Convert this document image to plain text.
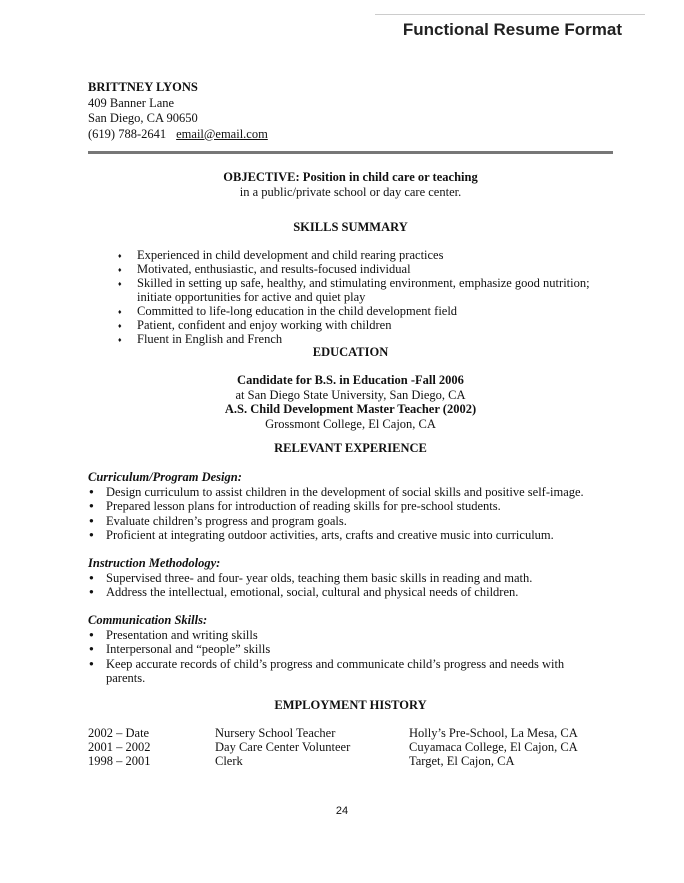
Functional Resume Format
BRITTNEY LYONS
409 Banner Lane
San Diego, CA 90650
(619) 788-2641 email@email.com
OBJECTIVE: Position in child care or teaching
in a public/private school or day care center.
SKILLS SUMMARY
♦ Experienced in child development and child rearing practices
♦ Motivated, enthusiastic, and results-focused individual
♦ Skilled in setting up safe, healthy, and stimulating environment, emphasize good nutrition; initiate opportunities for active and quiet play
♦ Committed to life-long education in the child development field
♦ Patient, confident and enjoy working with children
♦ Fluent in English and French
EDUCATION
Candidate for B.S. in Education -Fall 2006
at San Diego State University, San Diego, CA
A.S. Child Development Master Teacher (2002)
Grossmont College, El Cajon, CA
RELEVANT EXPERIENCE
Curriculum/Program Design:
● Design curriculum to assist children in the development of social skills and positive self-image.
● Prepared lesson plans for introduction of reading skills for pre-school students.
● Evaluate children’s progress and program goals.
● Proficient at integrating outdoor activities, arts, crafts and creative music into curriculum.
Instruction Methodology:
● Supervised three- and four- year olds, teaching them basic skills in reading and math.
● Address the intellectual, emotional, social, cultural and physical needs of children.
Communication Skills:
● Presentation and writing skills
● Interpersonal and “people” skills
● Keep accurate records of child’s progress and communicate child’s progress and needs with parents.
EMPLOYMENT HISTORY
2002 – Date	Nursery School Teacher	Holly’s Pre-School, La Mesa, CA
2001 – 2002	Day Care Center Volunteer	Cuyamaca College, El Cajon, CA
1998 – 2001	Clerk	Target, El Cajon, CA
24
